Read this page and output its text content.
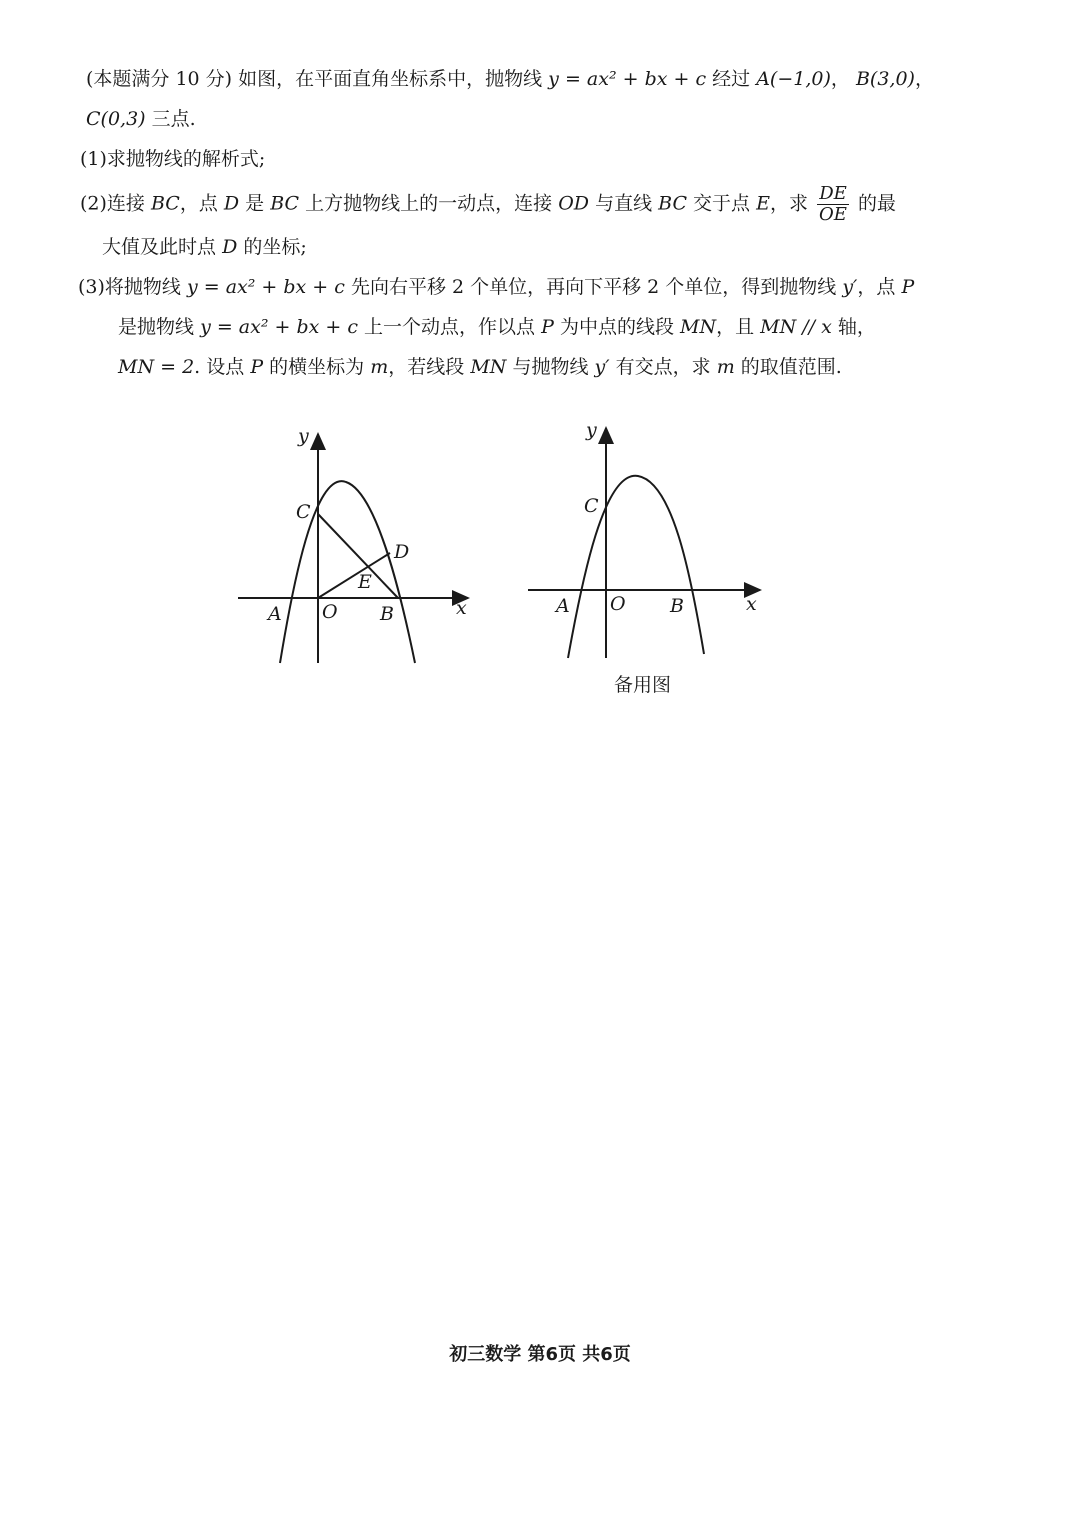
(本题满分 10 分) 如图，在平面直角坐标系中，抛物线 y = ax² + bx + c 经过 A(−1,0)， B(3,0)，
C(0,3) 三点.
(1)求抛物线的解析式;
(2)连接 BC，点 D 是 BC 上方抛物线上的一动点，连接 OD 与直线 BC 交于点 E，求 $\frac{DE}{OE}$ 的最
大值及此时点 D 的坐标;
(3)将抛物线 y = ax² + bx + c 先向右平移 2 个单位，再向下平移 2 个单位，得到抛物线 y′，点 P
是抛物线 y = ax² + bx + c 上一个动点，作以点 P 为中点的线段 MN，且 MN // x 轴，
MN = 2. 设点 P 的横坐标为 m，若线段 MN 与抛物线 y′ 有交点，求 m 的取值范围.
y
x
A O B
C
D
E
y
x
A O B
C
备用图
初三数学 第6页 共6页
